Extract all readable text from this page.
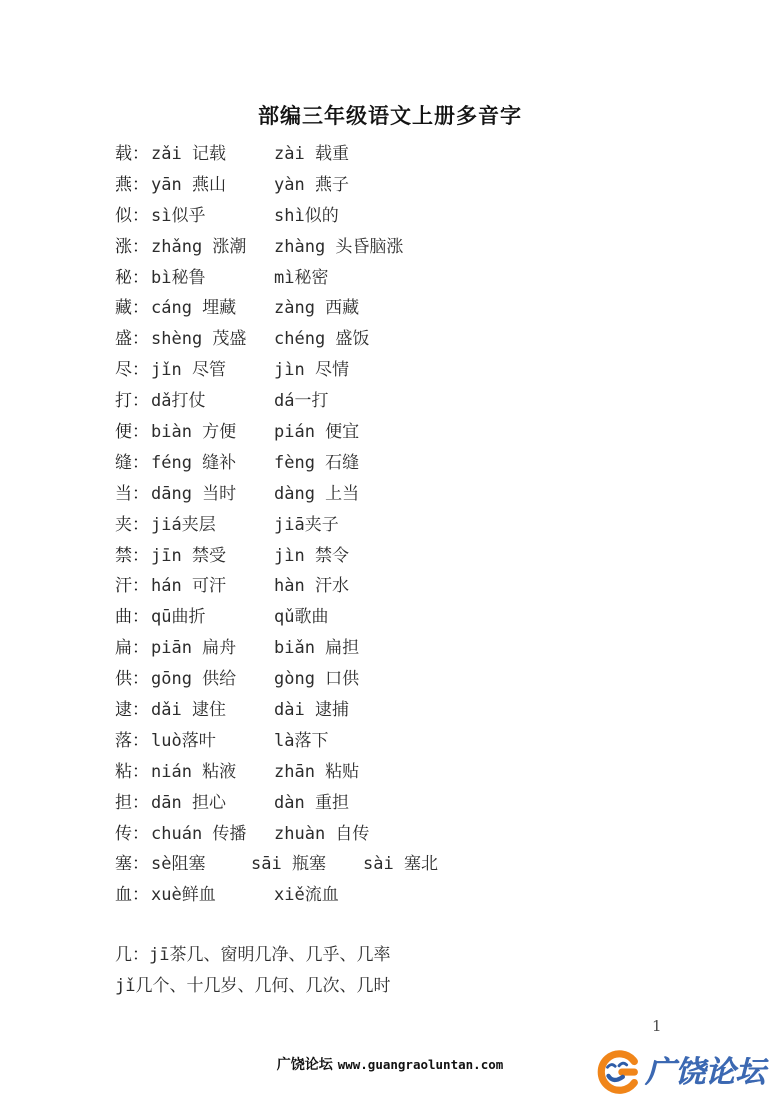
部编三年级语文上册多音字
载： zǎi 记载	zài 载重
燕： yān 燕山	yàn 燕子
似： sì似乎	shì似的
涨： zhǎng 涨潮	zhàng 头昏脑涨
秘： bì秘鲁	mì秘密
藏： cáng 埋藏	zàng 西藏
盛： shèng 茂盛	chéng 盛饭
尽： jǐn 尽管	jìn 尽情
打： dǎ打仗	dá一打
便： biàn 方便	pián 便宜
缝： féng 缝补	fèng 石缝
当： dāng 当时	dàng 上当
夹： jiá夹层	jiā夹子
禁： jīn 禁受	jìn 禁令
汗： hán 可汗	hàn 汗水
曲： qū曲折	qǔ歌曲
扁： piān 扁舟	biǎn 扁担
供： gōng 供给	gòng 口供
逮： dǎi 逮住	dài 逮捕
落： luò落叶	là落下
粘： nián 粘液	zhān 粘贴
担： dān 担心	dàn 重担
传： chuán 传播	zhuàn 自传
塞： sè阻塞	sāi 瓶塞	sài 塞北
血： xuè鲜血	xiě流血
几：jī茶几、窗明几净、几乎、几率
jǐ几个、十几岁、几何、几次、几时
1
广饶论坛 www.guangraoluntan.com	广饶论坛
